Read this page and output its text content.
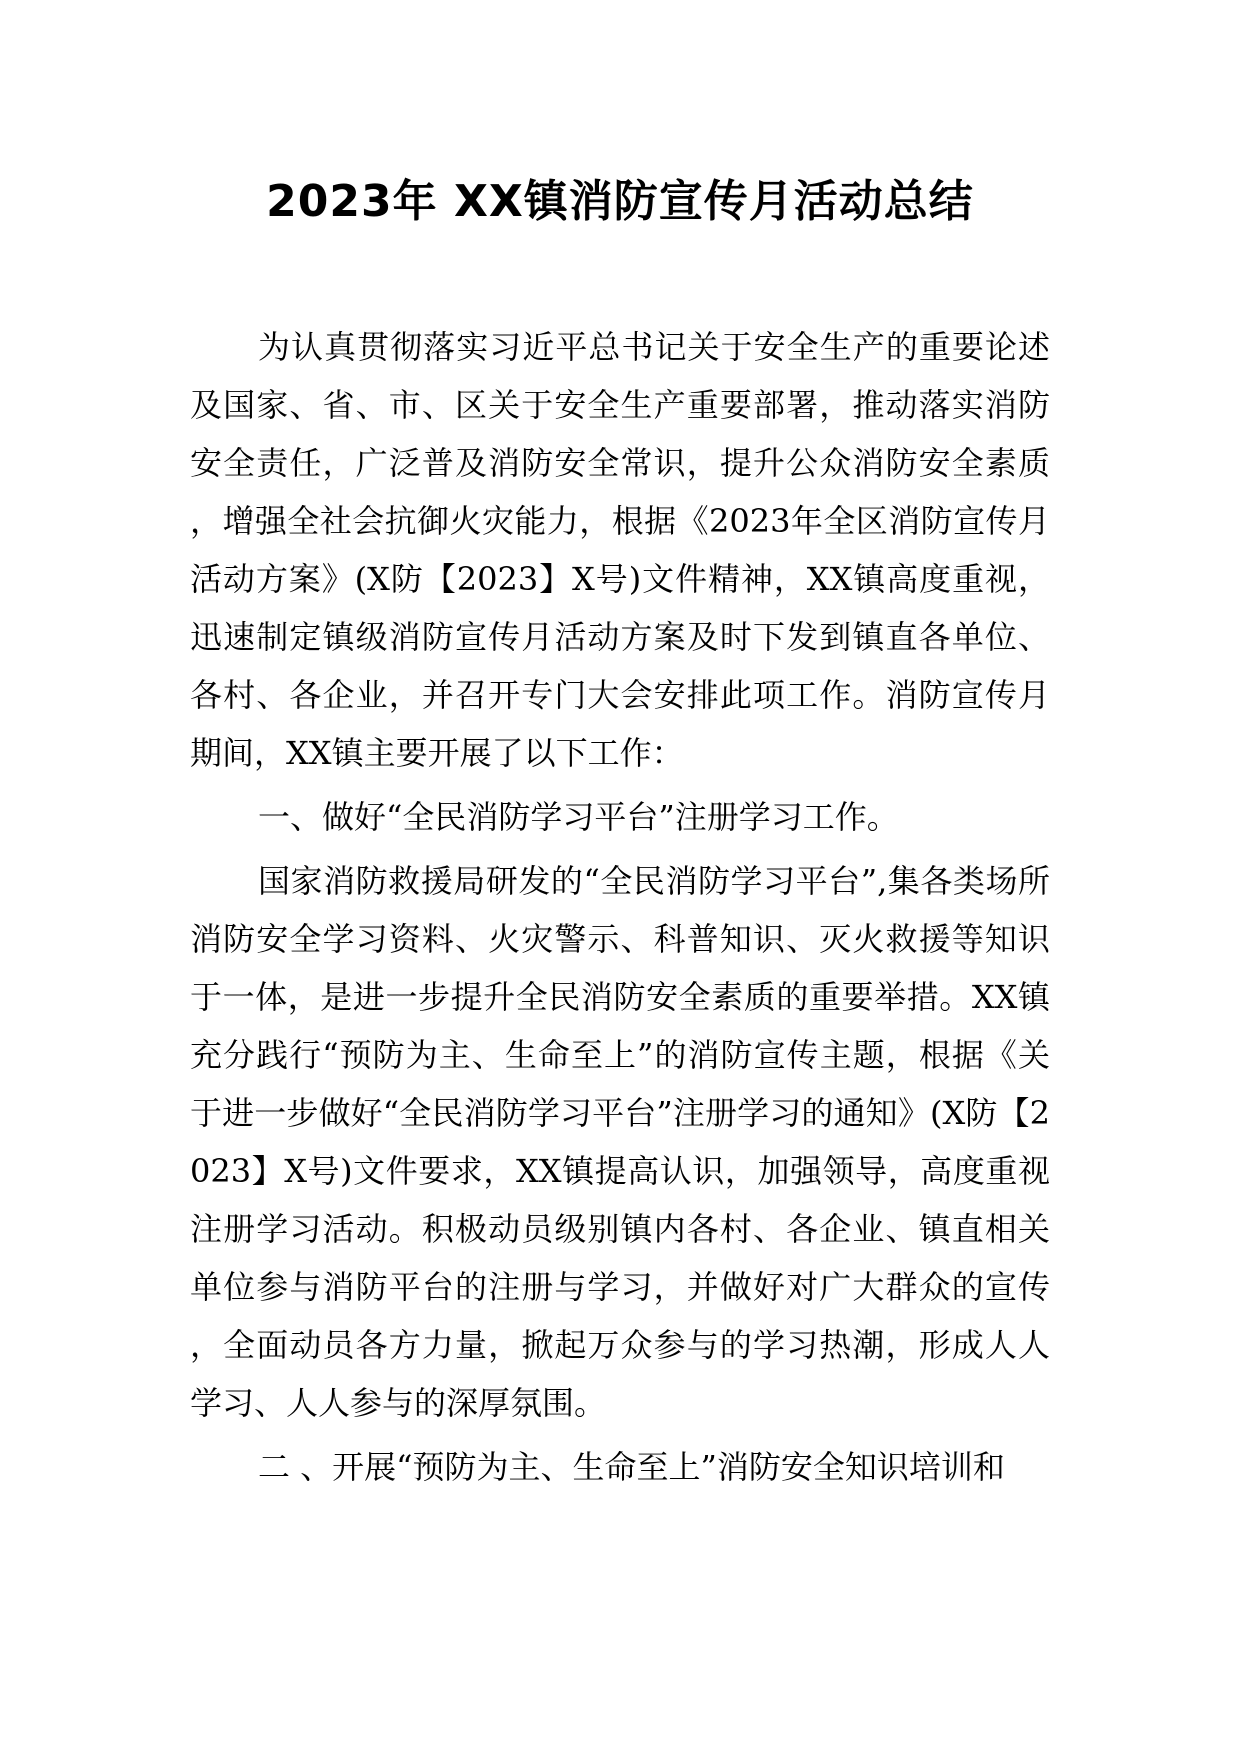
2023年 XX镇消防宣传月活动总结

为认真贯彻落实习近平总书记关于安全生产的重要论述及国家、省、市、区关于安全生产重要部署，推动落实消防安全责任，广泛普及消防安全常识，提升公众消防安全素质，增强全社会抗御火灾能力，根据《2023年全区消防宣传月活动方案》(X防【2023】X号)文件精神，XX镇高度重视，迅速制定镇级消防宣传月活动方案及时下发到镇直各单位、各村、各企业，并召开专门大会安排此项工作。消防宣传月期间，XX镇主要开展了以下工作：

一、做好“全民消防学习平台”注册学习工作。

国家消防救援局研发的“全民消防学习平台”,集各类场所消防安全学习资料、火灾警示、科普知识、灭火救援等知识于一体，是进一步提升全民消防安全素质的重要举措。XX镇充分践行“预防为主、生命至上”的消防宣传主题，根据《关于进一步做好“全民消防学习平台”注册学习的通知》(X防【2023】X号)文件要求，XX镇提高认识，加强领导，高度重视注册学习活动。积极动员级别镇内各村、各企业、镇直相关单位参与消防平台的注册与学习，并做好对广大群众的宣传，全面动员各方力量，掀起万众参与的学习热潮，形成人人学习、人人参与的深厚氛围。

二 、开展“预防为主、生命至上”消防安全知识培训和
